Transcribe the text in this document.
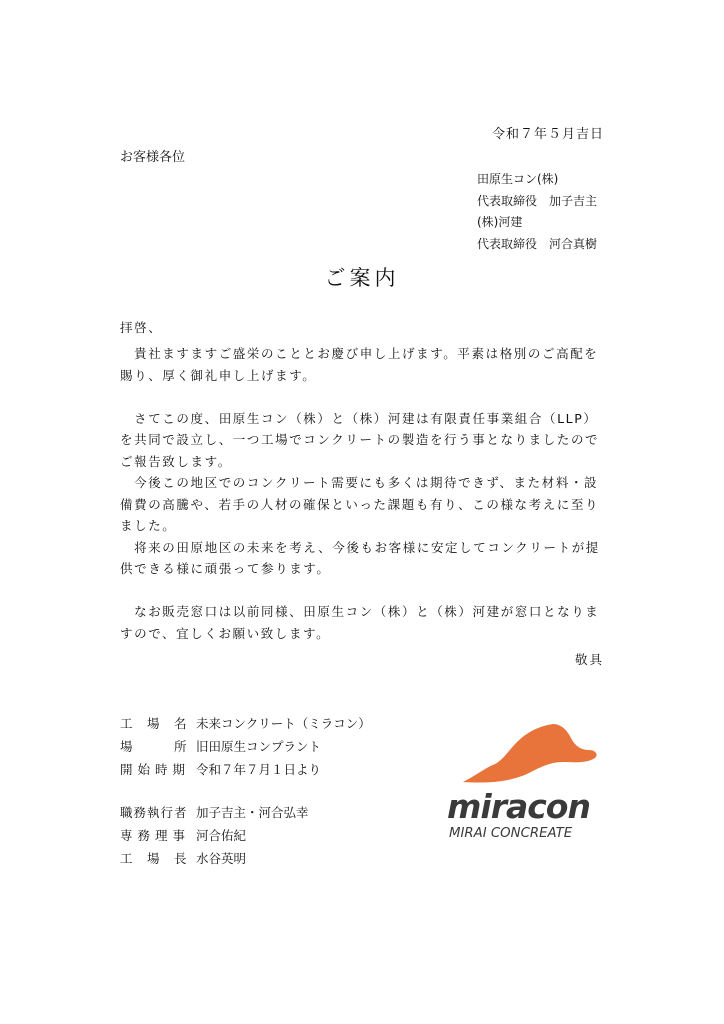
令和７年５月吉日
お客様各位
田原生コン(株)
代表取締役　加子吉主
(株)河建
代表取締役　河合真樹
ご案内
拝啓、

　貴社ますますご盛栄のこととお慶び申し上げます。平素は格別のご高配を賜り、厚く御礼申し上げます。

　さてこの度、田原生コン（株）と（株）河建は有限責任事業組合（LLP）を共同で設立し、一つ工場でコンクリートの製造を行う事となりましたのでご報告致します。

　今後この地区でのコンクリート需要にも多くは期待できず、また材料・設備費の高騰や、若手の人材の確保といった課題も有り、この様な考えに至りました。

　将来の田原地区の未来を考え、今後もお客様に安定してコンクリートが提供できる様に頑張って参ります。

　なお販売窓口は以前同様、田原生コン（株）と（株）河建が窓口となりますので、宜しくお願い致します。

敬具
工　場　名 未来コンクリート（ミラコン）
場　　　所 旧田原生コンプラント
開始時期 令和７年７月１日より
職務執行者 加子吉主・河合弘幸
専務理事 河合佑紀
工　場　長 水谷英明
miracon
MIRAI CONCREATE
